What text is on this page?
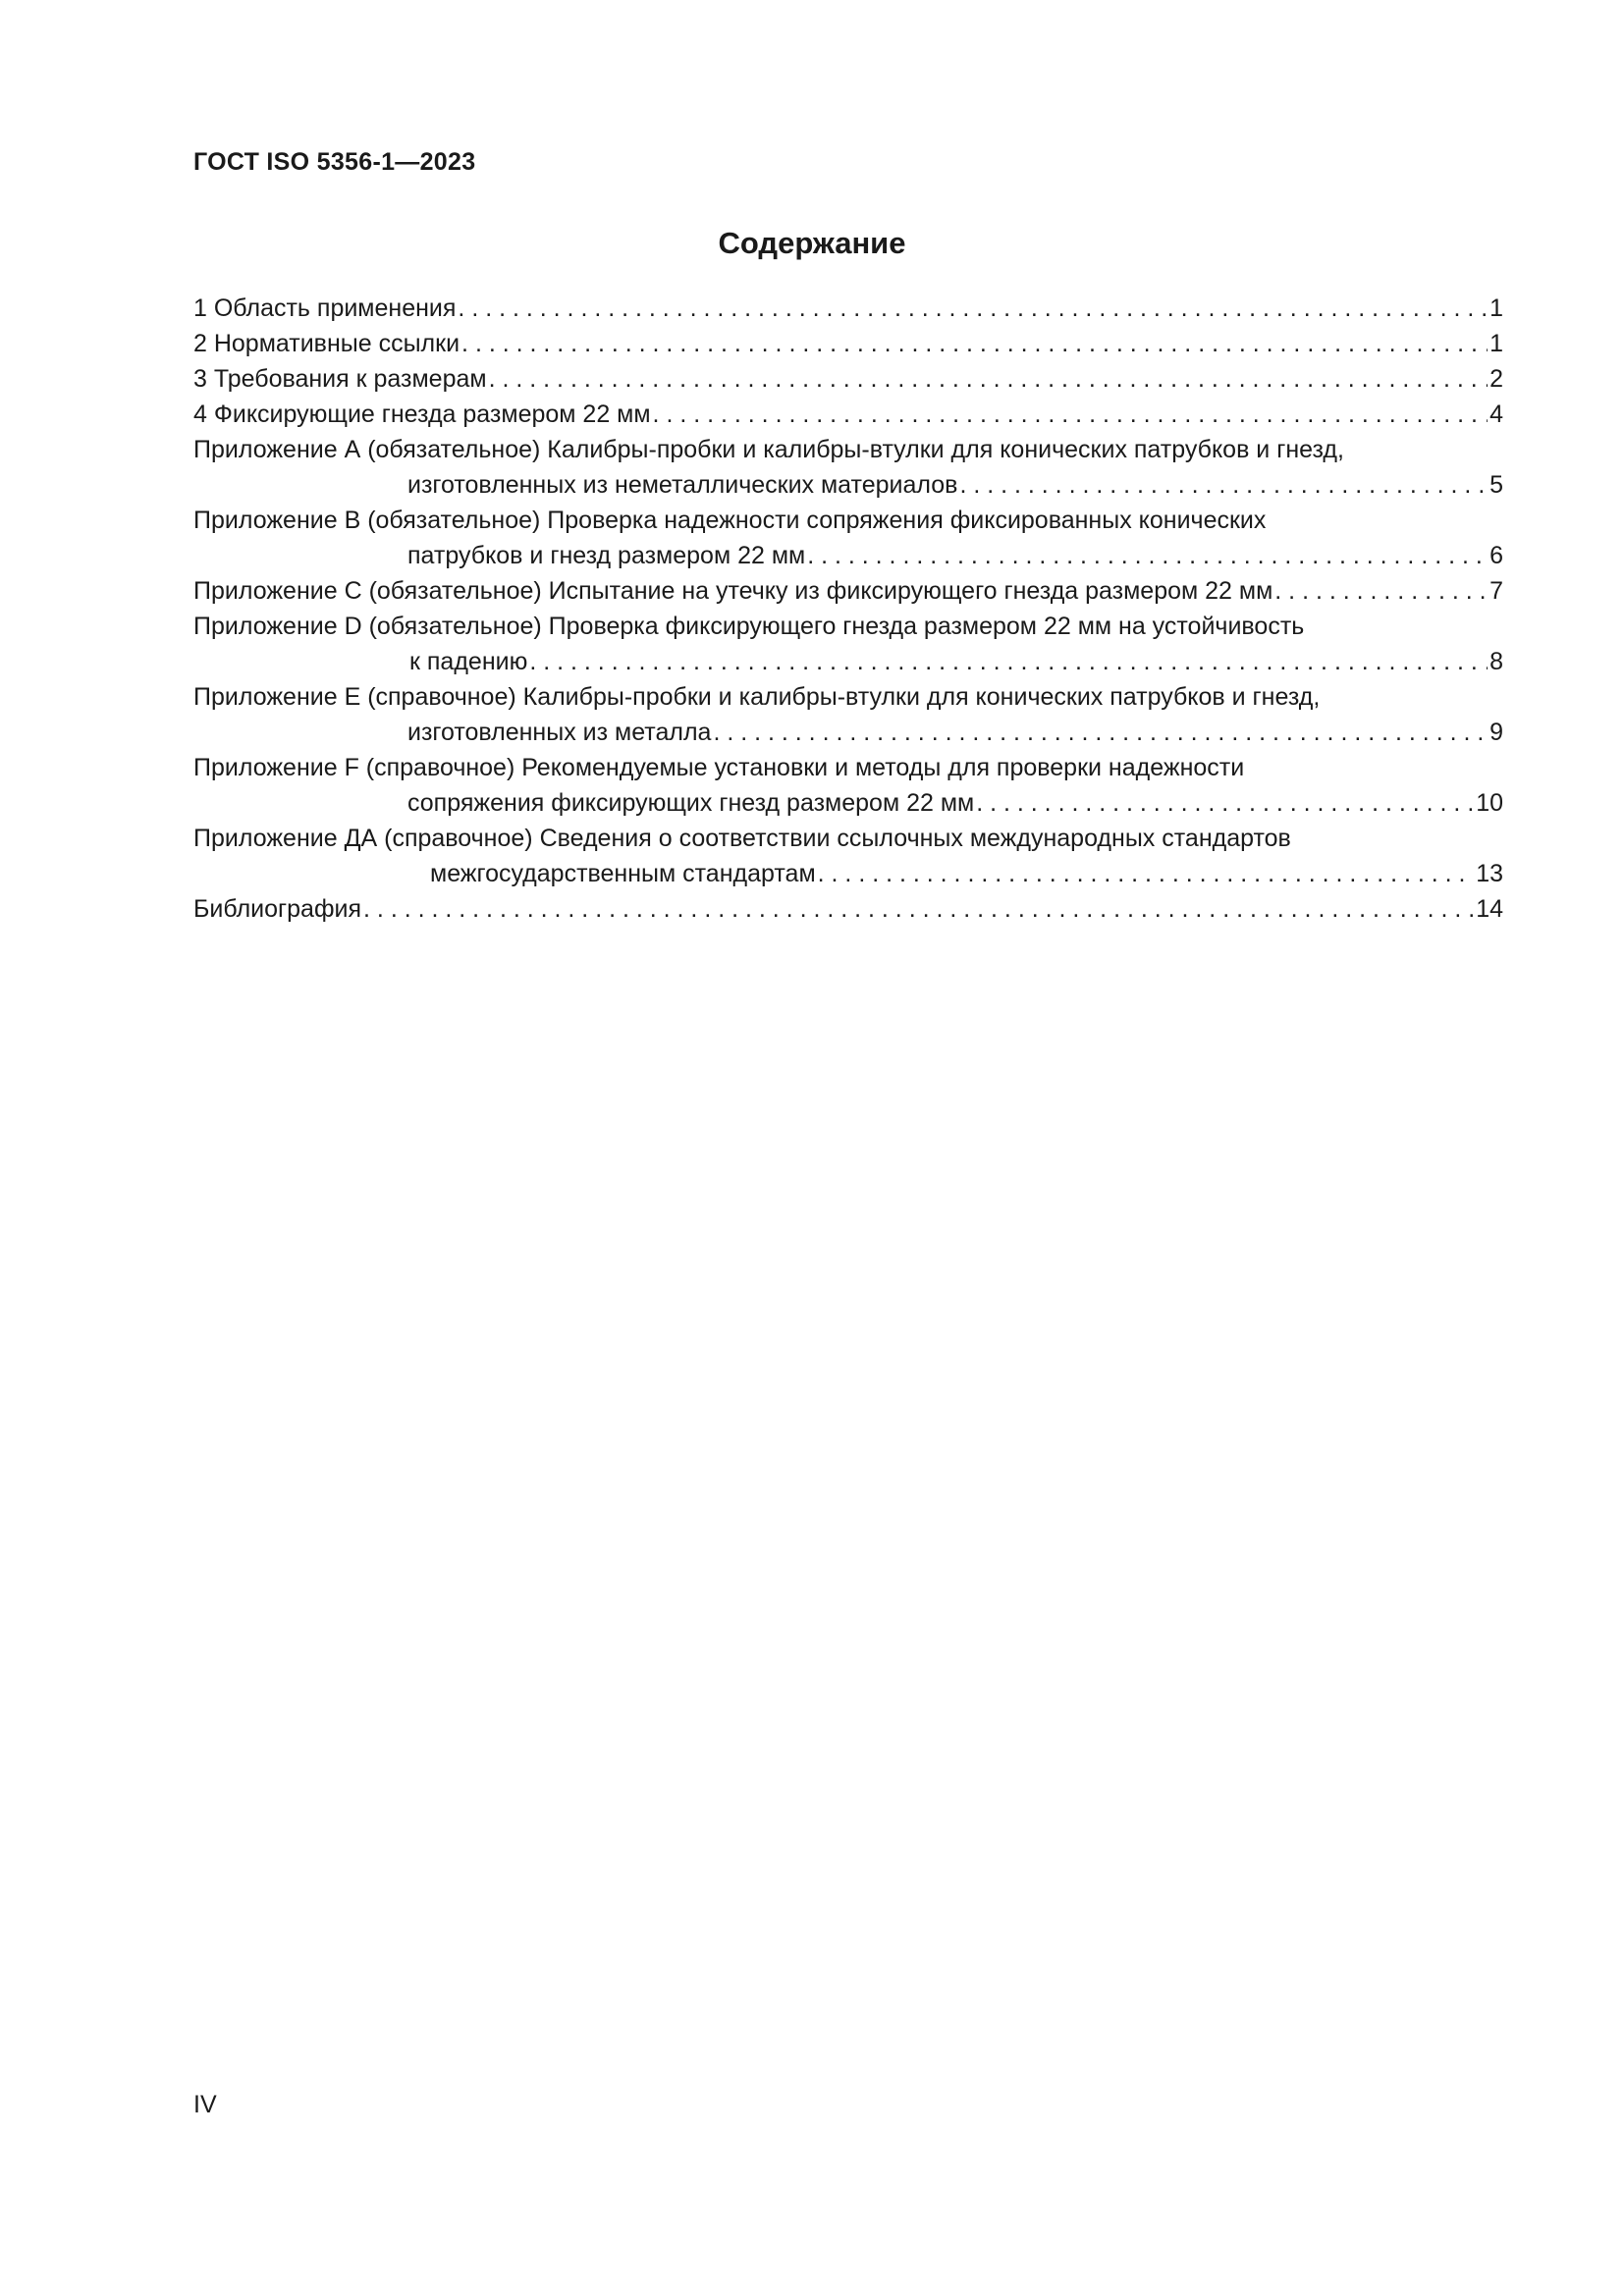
ГОСТ ISO 5356-1—2023
Содержание
1 Область применения . . .	1
2 Нормативные ссылки . . .	1
3 Требования к размерам . . .	2
4 Фиксирующие гнезда размером 22 мм . . .	4
Приложение А (обязательное) Калибры-пробки и калибры-втулки для конических патрубков и гнезд,
изготовленных из неметаллических материалов . . .	5
Приложение В (обязательное) Проверка надежности сопряжения фиксированных конических
патрубков и гнезд размером 22 мм . . .	6
Приложение С (обязательное) Испытание на утечку из фиксирующего гнезда размером 22 мм . . .	7
Приложение D (обязательное) Проверка фиксирующего гнезда размером 22 мм на устойчивость
к падению . . .	8
Приложение Е (справочное) Калибры-пробки и калибры-втулки для конических патрубков и гнезд,
изготовленных из металла . . .	9
Приложение F (справочное) Рекомендуемые установки и методы для проверки надежности
сопряжения фиксирующих гнезд размером 22 мм . . .	10
Приложение ДА (справочное) Сведения о соответствии ссылочных международных стандартов
межгосударственным стандартам . . .	13
Библиография . . .	14
IV
